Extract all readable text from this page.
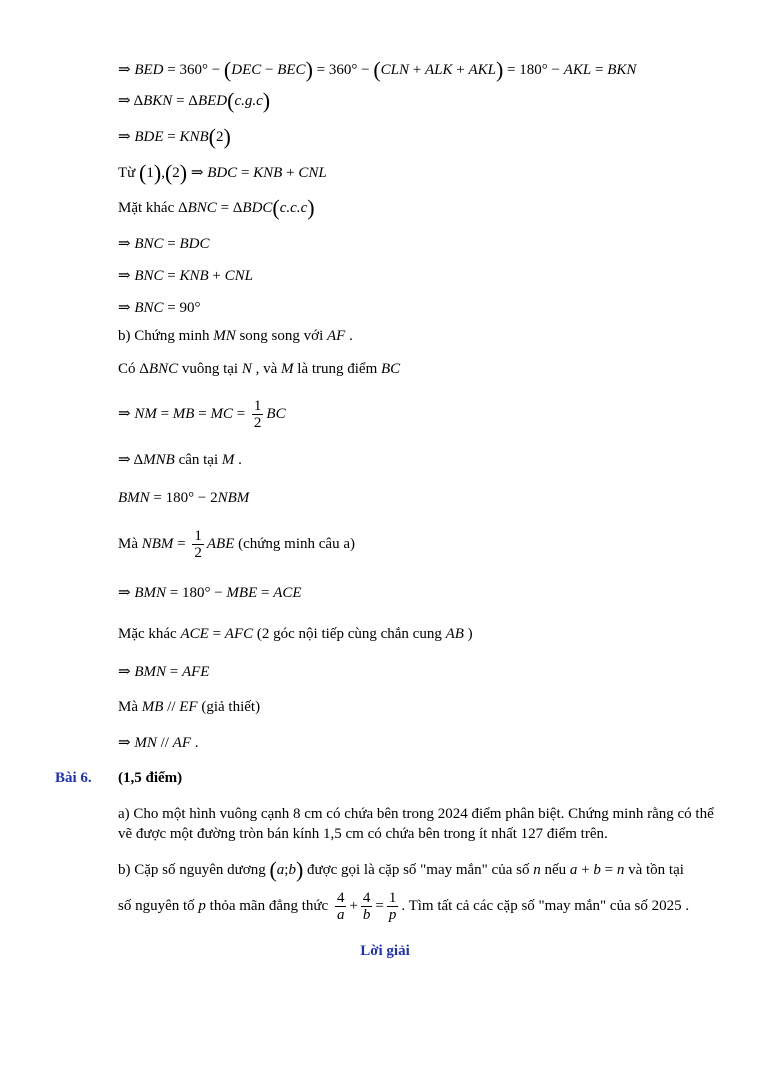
⇒ BED = 360° − (DEC − BEC) = 360° − (CLN + ALK + AKL) = 180° − AKL = BKN
⇒ ΔBKN = ΔBED(c.g.c)
⇒ BDE = KNB(2)
Từ (1),(2) ⇒ BDC = KNB + CNL
Mặt khác ΔBNC = ΔBDC(c.c.c)
⇒ BNC = BDC
⇒ BNC = KNB + CNL
⇒ BNC = 90°
b) Chứng minh MN song song với AF .
Có ΔBNC vuông tại N , và M là trung điểm BC
⇒ NM = MB = MC = $\frac{1}{2}$ BC
⇒ ΔMNB cân tại M .
BMN = 180° − 2NBM
Mà NBM = $\frac{1}{2}$ ABE (chứng minh câu a)
⇒ BMN = 180° − MBE = ACE
Mặc khác ACE = AFC (2 góc nội tiếp cùng chắn cung AB )
⇒ BMN = AFE
Mà MB // EF (giả thiết)
⇒ MN // AF .
Bài 6. (1,5 điểm)
a) Cho một hình vuông cạnh 8 cm có chứa bên trong 2024 điểm phân biệt. Chứng minh rằng có thể vẽ được một đường tròn bán kính 1,5 cm có chứa bên trong ít nhất 127 điểm trên.
b) Cặp số nguyên dương (a;b) được gọi là cặp số "may mắn" của số n nếu a + b = n và tồn tại
số nguyên tố p thỏa mãn đẳng thức $\frac{4}{a} + \frac{4}{b} = \frac{1}{p}$ . Tìm tất cả các cặp số "may mắn" của số 2025 .
Lời giải
